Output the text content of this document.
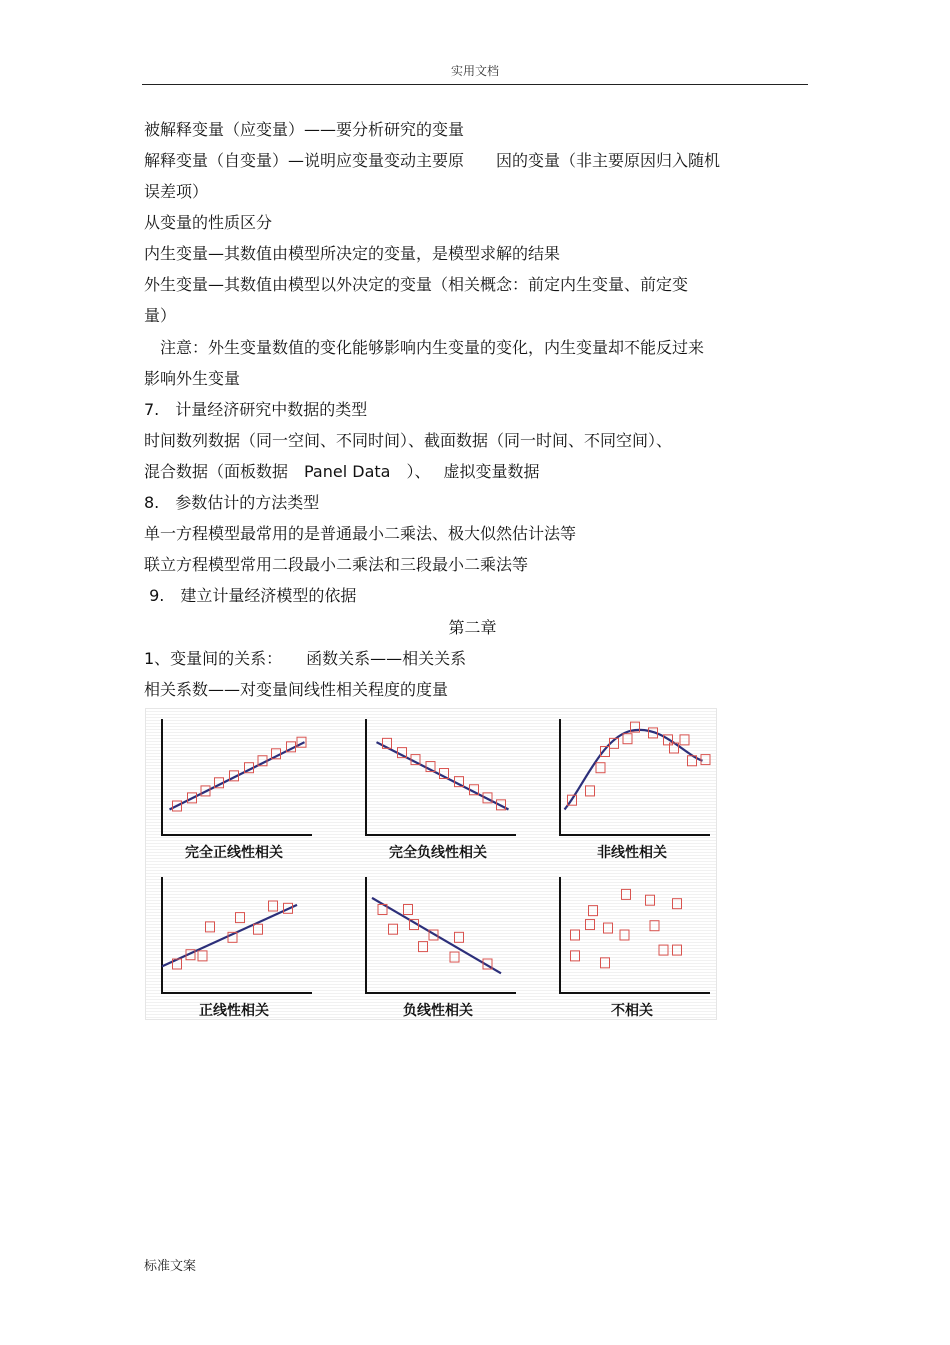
实用文档
被解释变量（应变量）——要分析研究的变量
解释变量（自变量）—说明应变量变动主要原　　因的变量（非主要原因归入随机
误差项）
从变量的性质区分
内生变量—其数值由模型所决定的变量，是模型求解的结果
外生变量—其数值由模型以外决定的变量（相关概念：前定内生变量、前定变
量）
　注意：外生变量数值的变化能够影响内生变量的变化，内生变量却不能反过来
影响外生变量
7.　计量经济研究中数据的类型
时间数列数据（同一空间、不同时间）、截面数据（同一时间、不同空间）、
混合数据（面板数据　Panel Data　）、　 虚拟变量数据
8.　参数估计的方法类型
单一方程模型最常用的是普通最小二乘法、极大似然估计法等
联立方程模型常用二段最小二乘法和三段最小二乘法等
9.　建立计量经济模型的依据
第二章
1、变量间的关系：　　函数关系——相关关系
相关系数——对变量间线性相关程度的度量
完全正线性相关	完全负线性相关	非线性相关
正线性相关	负线性相关	不相关
标准文案
